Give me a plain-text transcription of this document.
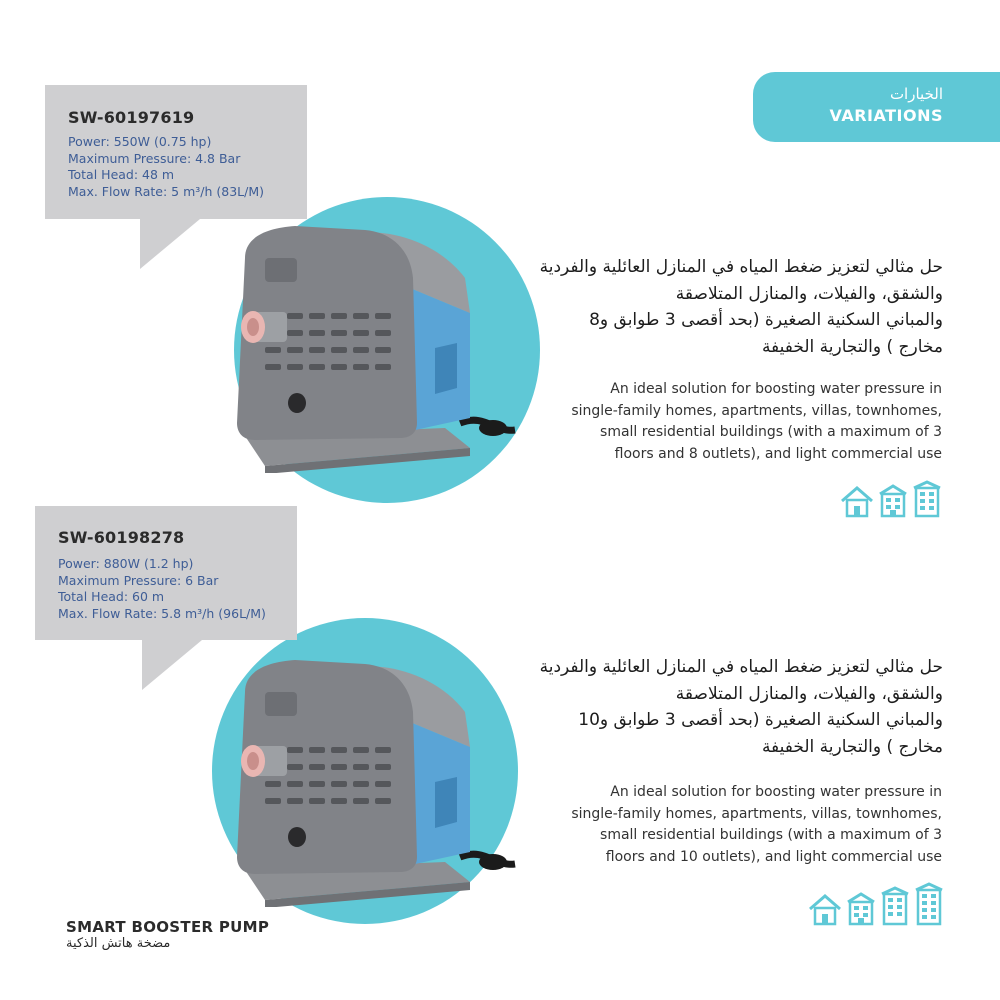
الخيارات
VARIATIONS
SW-60197619
Power: 550W (0.75 hp)
Maximum Pressure: 4.8 Bar
Total Head: 48 m
Max. Flow Rate: 5 m³/h (83L/M)
حل مثالي لتعزيز ضغط المياه في المنازل العائلية والفردية
والشقق، والفيلات، والمنازل المتلاصقة
والمباني السكنية الصغيرة (بحد أقصى 3 طوابق و8
مخارج ) والتجارية الخفيفة
An ideal solution for boosting water pressure in
single-family homes, apartments, villas, townhomes,
small residential buildings (with a maximum of 3
floors and 8 outlets), and light commercial use
SW-60198278
Power: 880W (1.2 hp)
Maximum Pressure: 6 Bar
Total Head: 60 m
Max. Flow Rate: 5.8 m³/h (96L/M)
حل مثالي لتعزيز ضغط المياه في المنازل العائلية والفردية
والشقق، والفيلات، والمنازل المتلاصقة
والمباني السكنية الصغيرة (بحد أقصى 3 طوابق و10
مخارج ) والتجارية الخفيفة
An ideal solution for boosting water pressure in
single-family homes, apartments, villas, townhomes,
small residential buildings (with a maximum of 3
floors and 10 outlets), and light commercial use
SMART BOOSTER PUMP
مضخة هاتش الذكية
